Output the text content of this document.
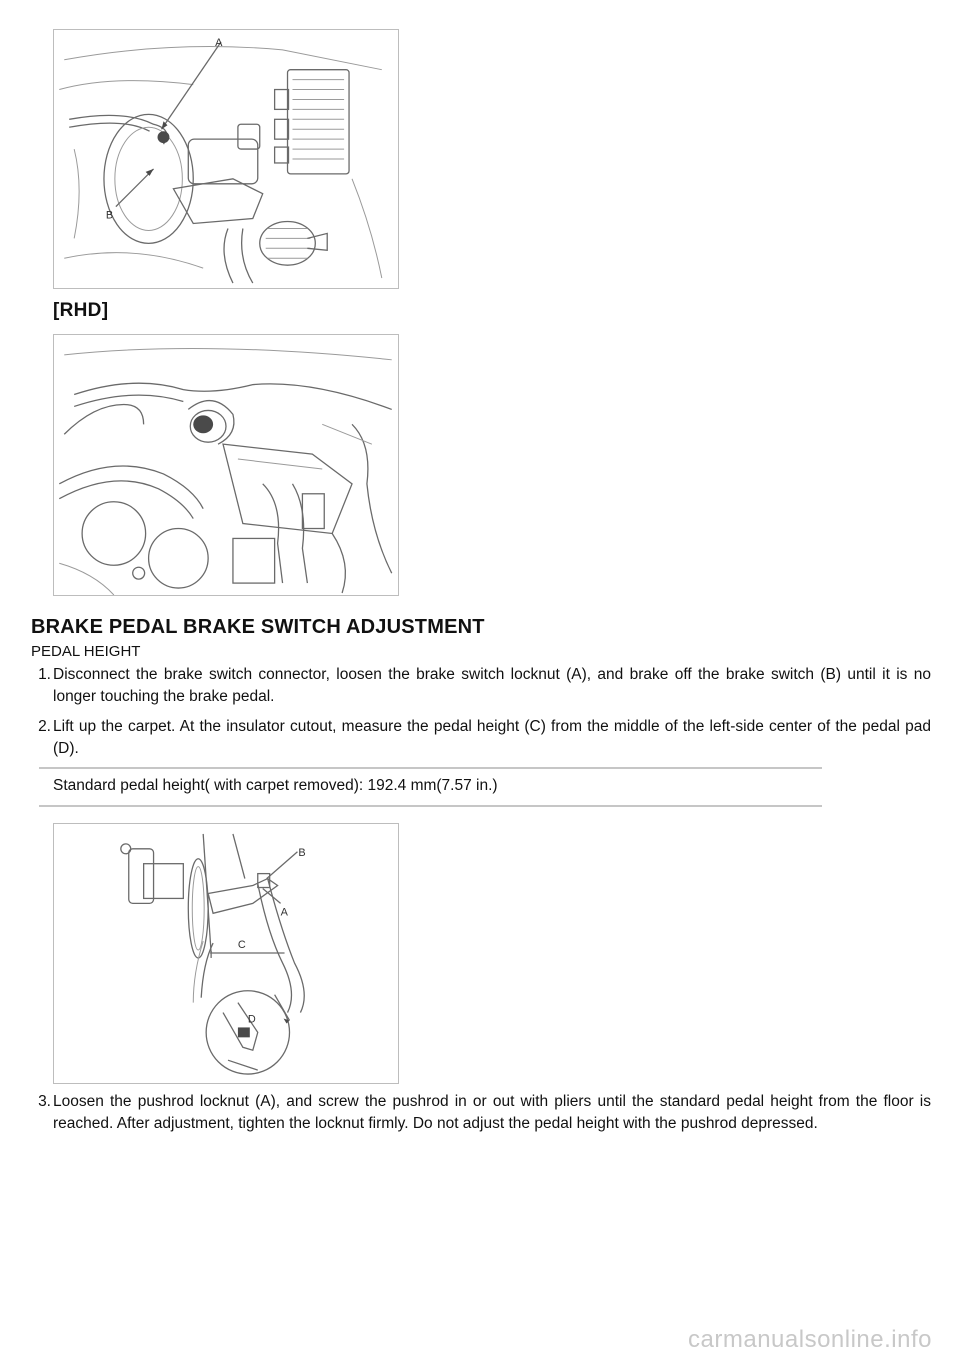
A
B
[RHD]
BRAKE PEDAL BRAKE SWITCH ADJUSTMENT
PEDAL HEIGHT
1. Disconnect the brake switch connector, loosen the brake switch locknut (A), and brake off the brake switch (B) until it is no longer touching the brake pedal.
2. Lift up the carpet. At the insulator cutout, measure the pedal height (C) from the middle of the left-side center of the pedal pad (D).
Standard pedal height( with carpet removed): 192.4 mm(7.57 in.)
B
A
C
D
3. Loosen the pushrod locknut (A), and screw the pushrod in or out with pliers until the standard pedal height from the floor is reached. After adjustment, tighten the locknut firmly. Do not adjust the pedal height with the pushrod depressed.
carmanualsonline.info
